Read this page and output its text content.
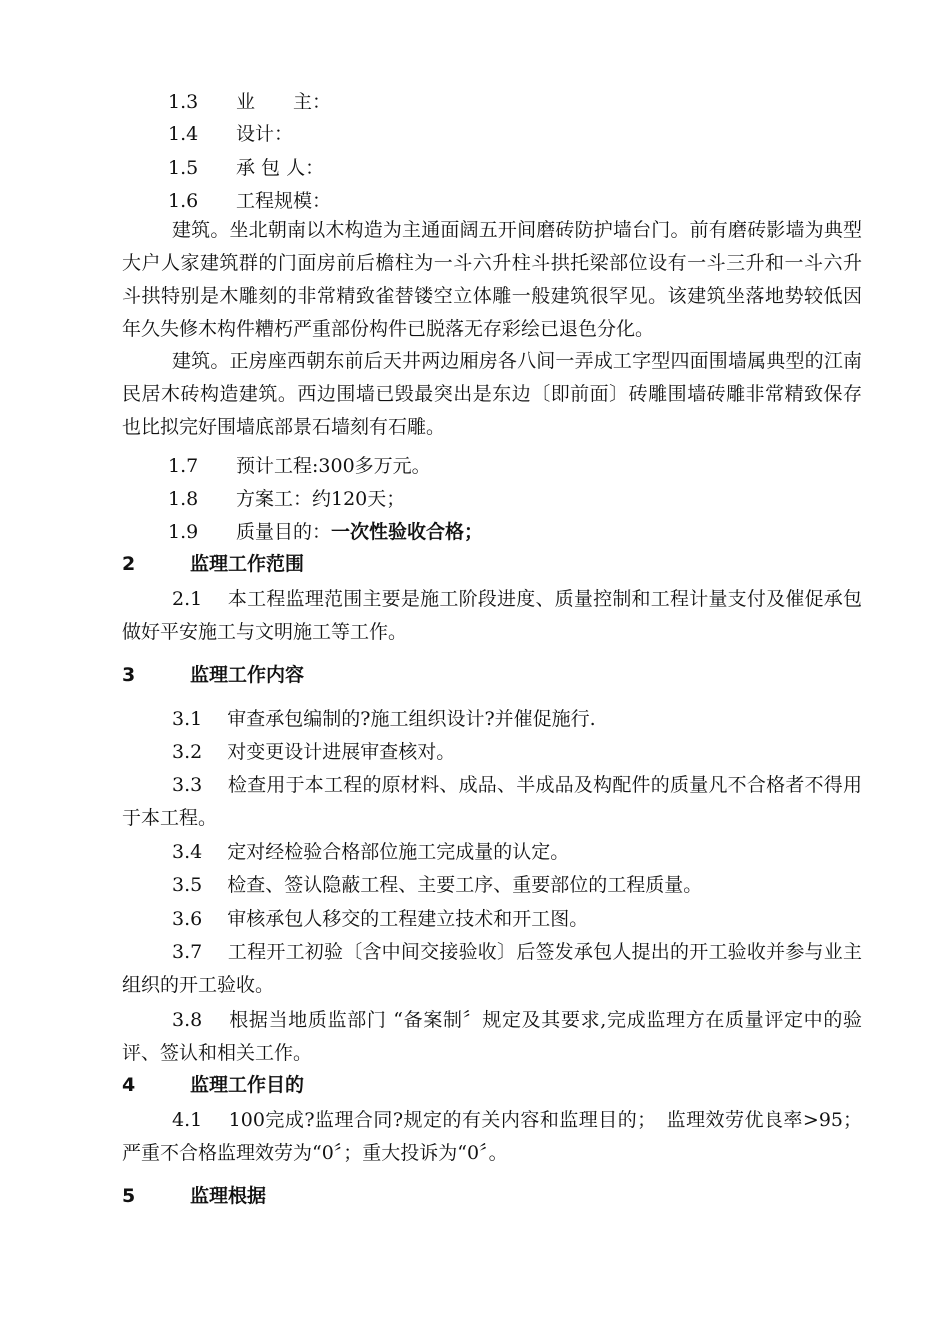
1.3 业　　主：
1.4 设计：
1.5 承 包 人：
1.6 工程规模：
建筑。坐北朝南以木构造为主通面阔五开间磨砖防护墙台门。前有磨砖影墙为典型大户人家建筑群的门面房前后檐柱为一斗六升柱斗拱托梁部位设有一斗三升和一斗六升斗拱特别是木雕刻的非常精致雀替镂空立体雕一般建筑很罕见。该建筑坐落地势较低因年久失修木构件糟朽严重部份构件已脱落无存彩绘已退色分化。
建筑。正房座西朝东前后天井两边厢房各八间一弄成工字型四面围墙属典型的江南民居木砖构造建筑。西边围墙已毁最突出是东边〔即前面〕砖雕围墙砖雕非常精致保存也比拟完好围墙底部景石墙刻有石雕。
1.7 预计工程:300多万元。
1.8 方案工：约120天；
1.9 质量目的：一次性验收合格；
2	监理工作范围
2.1　 本工程监理范围主要是施工阶段进度、质量控制和工程计量支付及催促承包做好平安施工与文明施工等工作。
3	监理工作内容
3.1　 审查承包编制的?施工组织设计?并催促施行.
3.2　 对变更设计进展审查核对。
3.3　 检查用于本工程的原材料、成品、半成品及构配件的质量凡不合格者不得用于本工程。
3.4　 定对经检验合格部位施工完成量的认定。
3.5　 检查、签认隐蔽工程、主要工序、重要部位的工程质量。
3.6　 审核承包人移交的工程建立技术和开工图。
3.7　 工程开工初验〔含中间交接验收〕后签发承包人提出的开工验收并参与业主组织的开工验收。
3.8　 根据当地质监部门 “备案制〞规定及其要求,完成监理方在质量评定中的验评、签认和相关工作。
4	监理工作目的
4.1　 100完成?监理合同?规定的有关内容和监理目的；　监理效劳优良率>95；严重不合格监理效劳为“0〞；重大投诉为“0〞。
5	监理根据
